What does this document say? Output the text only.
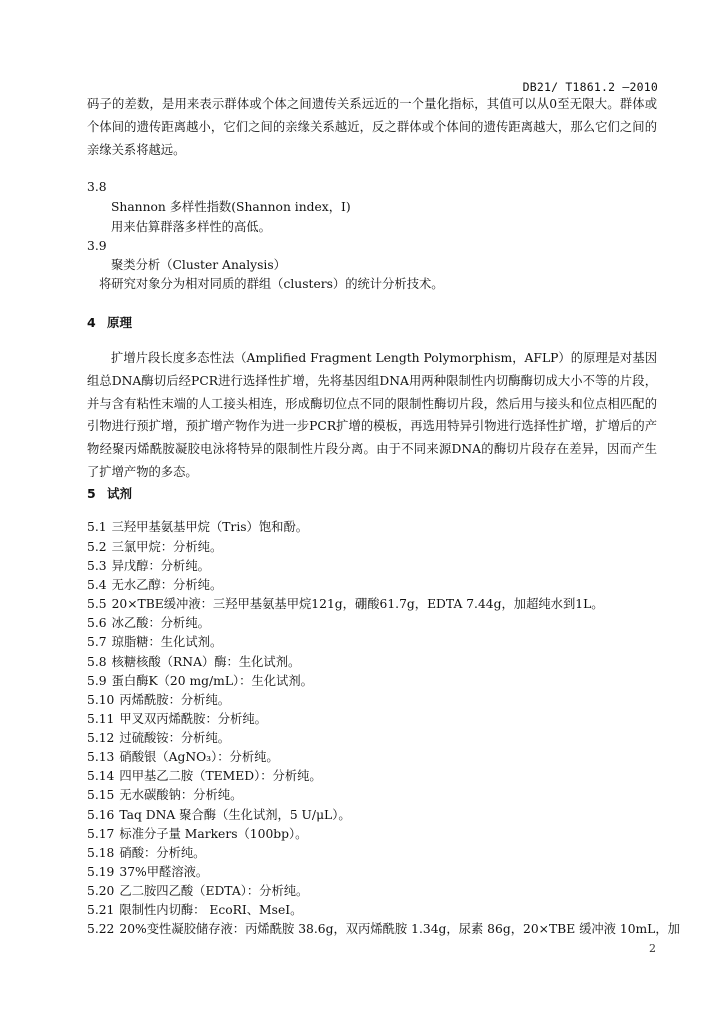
DB21/ T1861.2 —2010

码子的差数，是用来表示群体或个体之间遗传关系远近的一个量化指标，其值可以从0至无限大。群体或个体间的遗传距离越小，它们之间的亲缘关系越近，反之群体或个体间的遗传距离越大，那么它们之间的亲缘关系将越远。

3.8
Shannon 多样性指数(Shannon index，I)
用来估算群落多样性的高低。
3.9
聚类分析（Cluster Analysis）
将研究对象分为相对同质的群组（clusters）的统计分析技术。
4 原理

扩增片段长度多态性法（Amplified Fragment Length Polymorphism，AFLP）的原理是对基因组总DNA酶切后经PCR进行选择性扩增，先将基因组DNA用两种限制性内切酶酶切成大小不等的片段，并与含有粘性末端的人工接头相连，形成酶切位点不同的限制性酶切片段，然后用与接头和位点相匹配的引物进行预扩增，预扩增产物作为进一步PCR扩增的模板，再选用特异引物进行选择性扩增，扩增后的产物经聚丙烯酰胺凝胶电泳将特异的限制性片段分离。由于不同来源DNA的酶切片段存在差异，因而产生了扩增产物的多态。

5 试剂
5.1 三羟甲基氨基甲烷（Tris）饱和酚。
5.2 三氯甲烷：分析纯。
5.3 异戊醇：分析纯。
5.4 无水乙醇：分析纯。
5.5 20×TBE缓冲液：三羟甲基氨基甲烷121g，硼酸61.7g，EDTA 7.44g，加超纯水到1L。
5.6 冰乙酸：分析纯。
5.7 琼脂糖：生化试剂。
5.8 核糖核酸（RNA）酶：生化试剂。
5.9 蛋白酶K（20 mg/mL）：生化试剂。
5.10 丙烯酰胺：分析纯。
5.11 甲叉双丙烯酰胺：分析纯。
5.12 过硫酸铵：分析纯。
5.13 硝酸银（AgNO₃）：分析纯。
5.14 四甲基乙二胺（TEMED）：分析纯。
5.15 无水碳酸钠：分析纯。
5.16 Taq DNA 聚合酶（生化试剂，5 U/μL）。
5.17 标准分子量 Markers（100bp）。
5.18 硝酸：分析纯。
5.19 37%甲醛溶液。
5.20 乙二胺四乙酸（EDTA）：分析纯。
5.21 限制性内切酶： EcoRⅠ、MseⅠ。
5.22 20%变性凝胶储存液：丙烯酰胺 38.6g，双丙烯酰胺 1.34g，尿素 86g，20×TBE 缓冲液 10mL，加
2
